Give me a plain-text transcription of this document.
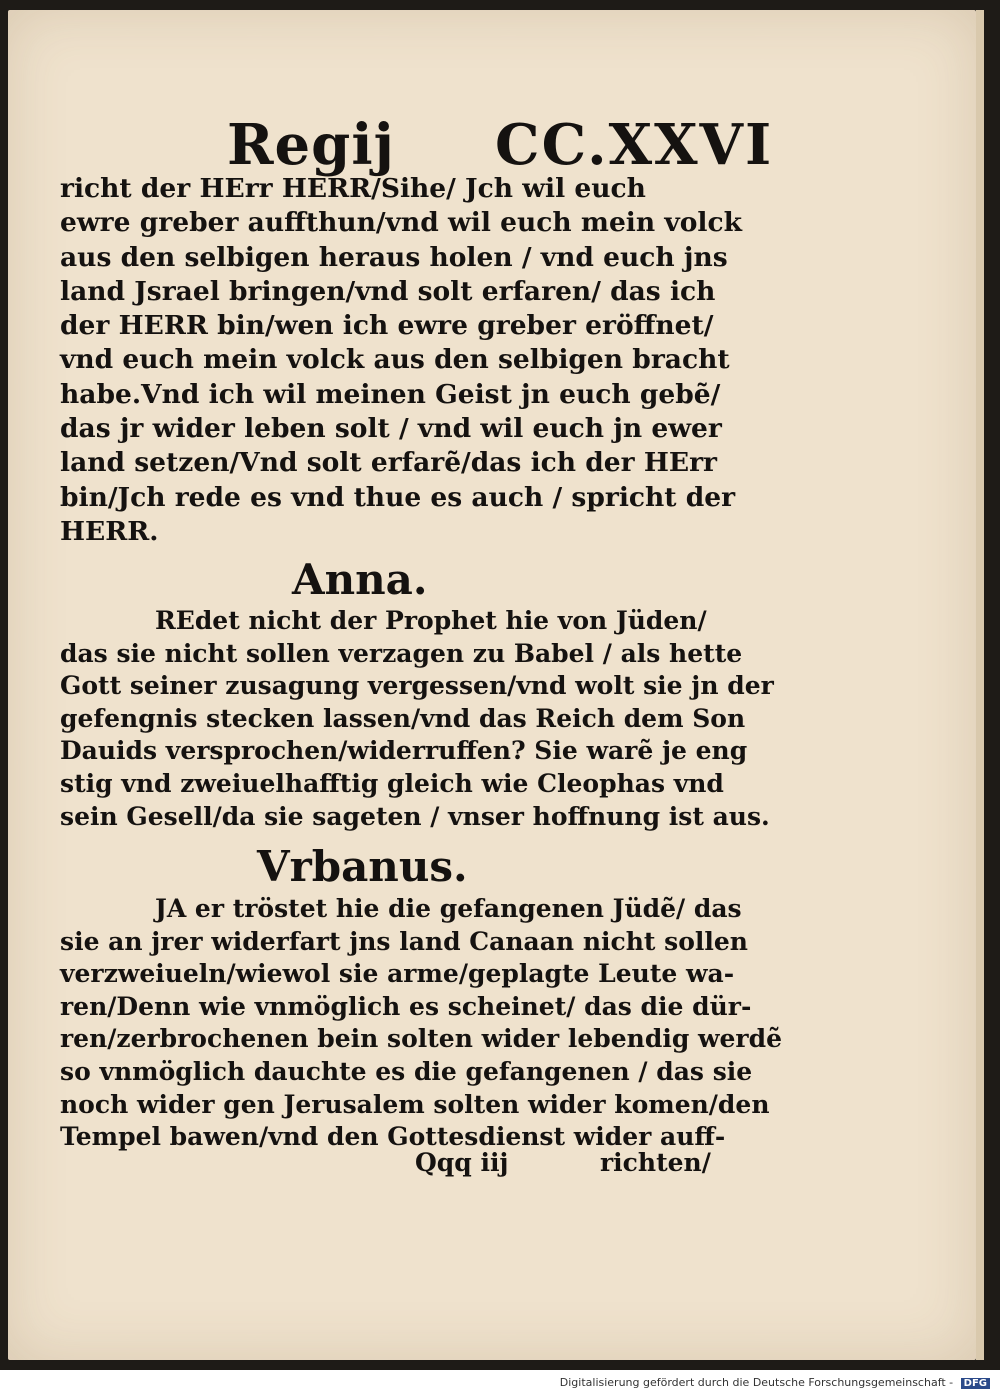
Regij CC.XXVI
richt der HErr HERR/Sihe/ Jch wil euch
ewre greber auffthun/vnd wil euch mein volck
aus den selbigen heraus holen / vnd euch jns
land Jsrael bringen/vnd solt erfaren/ das ich
der HERR bin/wen ich ewre greber eröffnet/
vnd euch mein volck aus den selbigen bracht
habe.Vnd ich wil meinen Geist jn euch gebẽ/
das jr wider leben solt / vnd wil euch jn ewer
land setzen/Vnd solt erfarẽ/das ich der HErr
bin/Jch rede es vnd thue es auch / spricht der
HERR.
Anna.
REdet nicht der Prophet hie von Jüden/
das sie nicht sollen verzagen zu Babel / als hette
Gott seiner zusagung vergessen/vnd wolt sie jn der
gefengnis stecken lassen/vnd das Reich dem Son
Dauids versprochen/widerruffen? Sie warẽ je eng
stig vnd zweiuelhafftig gleich wie Cleophas vnd
sein Gesell/da sie sageten / vnser hoffnung ist aus.
Vrbanus.
JA er tröstet hie die gefangenen Jüdẽ/ das
sie an jrer widerfart jns land Canaan nicht sollen
verzweiueln/wiewol sie arme/geplagte Leute wa-
ren/Denn wie vnmöglich es scheinet/ das die dür-
ren/zerbrochenen bein solten wider lebendig werdẽ
so vnmöglich dauchte es die gefangenen / das sie
noch wider gen Jerusalem solten wider komen/den
Tempel bawen/vnd den Gottesdienst wider auff-
Qqq iij	richten/
Digitalisierung gefördert durch die Deutsche Forschungsgemeinschaft - DFG
